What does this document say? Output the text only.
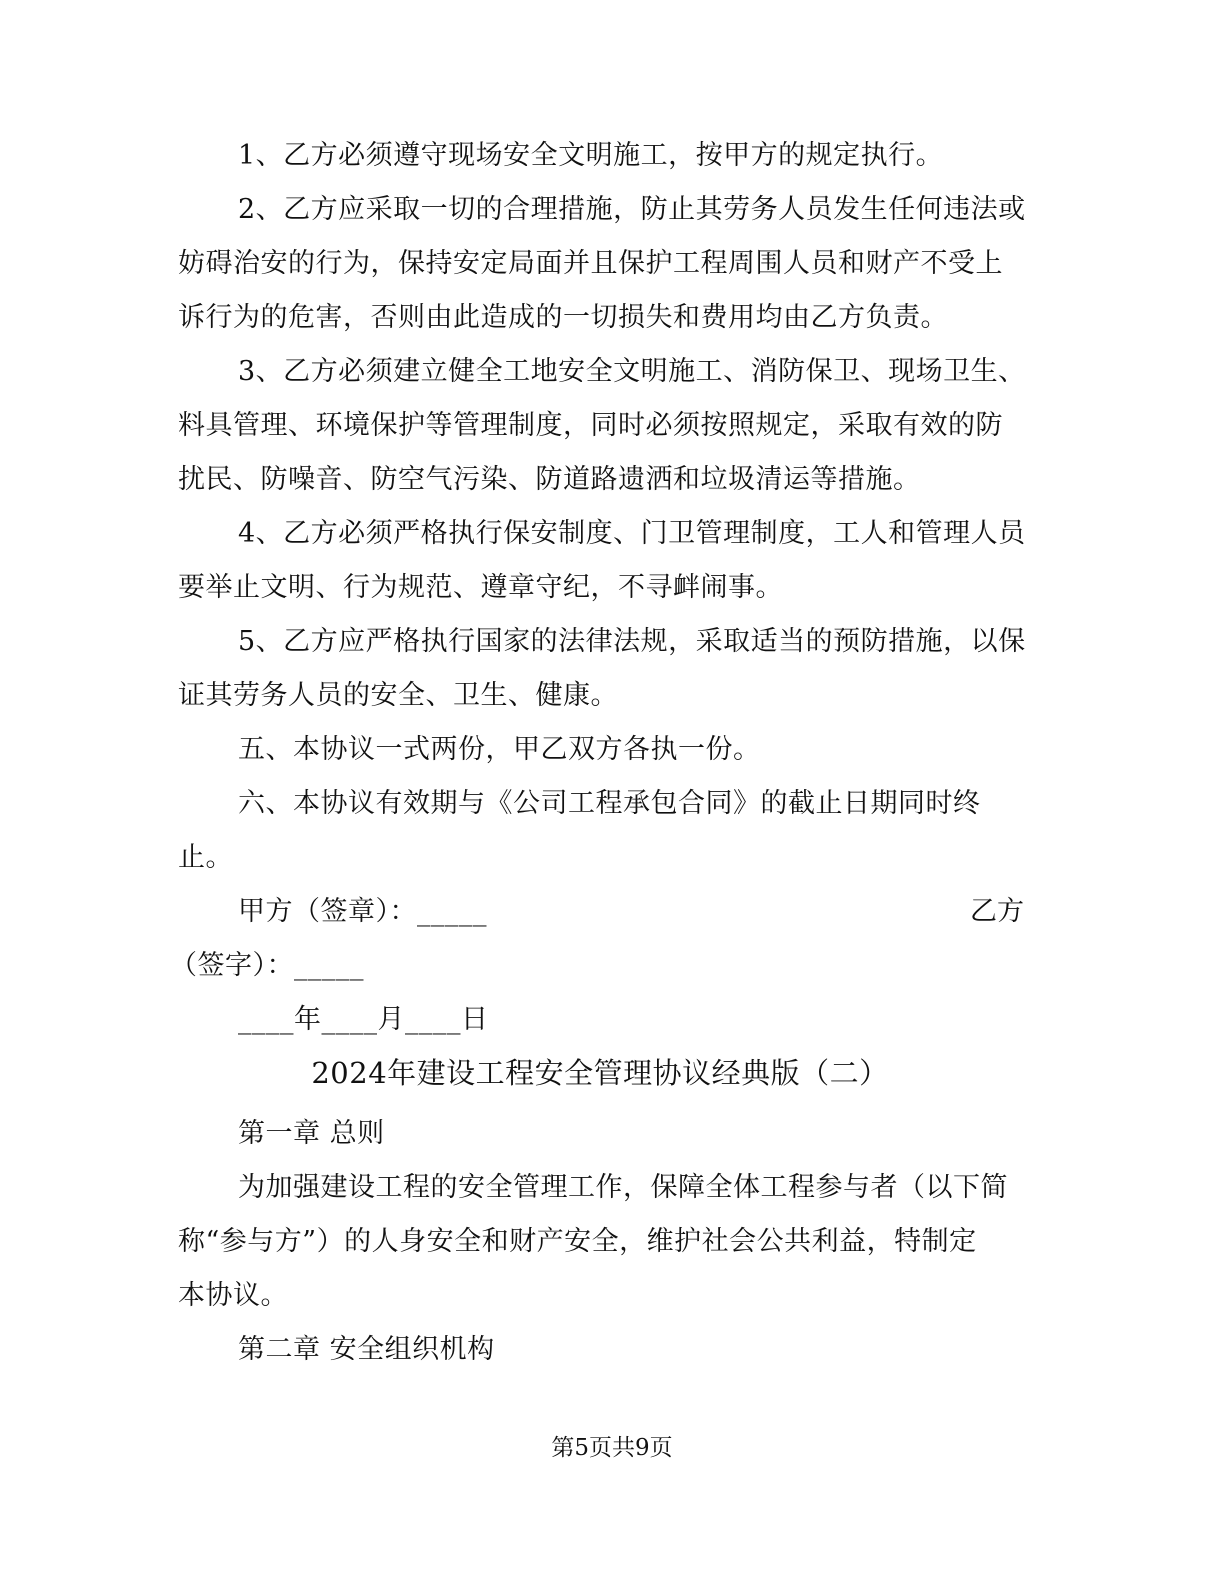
1、乙方必须遵守现场安全文明施工，按甲方的规定执行。
2、乙方应采取一切的合理措施，防止其劳务人员发生任何违法或
妨碍治安的行为，保持安定局面并且保护工程周围人员和财产不受上
诉行为的危害，否则由此造成的一切损失和费用均由乙方负责。
3、乙方必须建立健全工地安全文明施工、消防保卫、现场卫生、
料具管理、环境保护等管理制度，同时必须按照规定，采取有效的防
扰民、防噪音、防空气污染、防道路遗洒和垃圾清运等措施。
4、乙方必须严格执行保安制度、门卫管理制度，工人和管理人员
要举止文明、行为规范、遵章守纪，不寻衅闹事。
5、乙方应严格执行国家的法律法规，采取适当的预防措施，以保
证其劳务人员的安全、卫生、健康。
五、本协议一式两份，甲乙双方各执一份。
六、本协议有效期与《公司工程承包合同》的截止日期同时终
止。
甲方（签章）：_____	乙方
（签字）：_____
____年____月____日
2024年建设工程安全管理协议经典版（二）
第一章 总则
为加强建设工程的安全管理工作，保障全体工程参与者（以下简
称“参与方”）的人身安全和财产安全，维护社会公共利益，特制定
本协议。
第二章 安全组织机构
第5页共9页
